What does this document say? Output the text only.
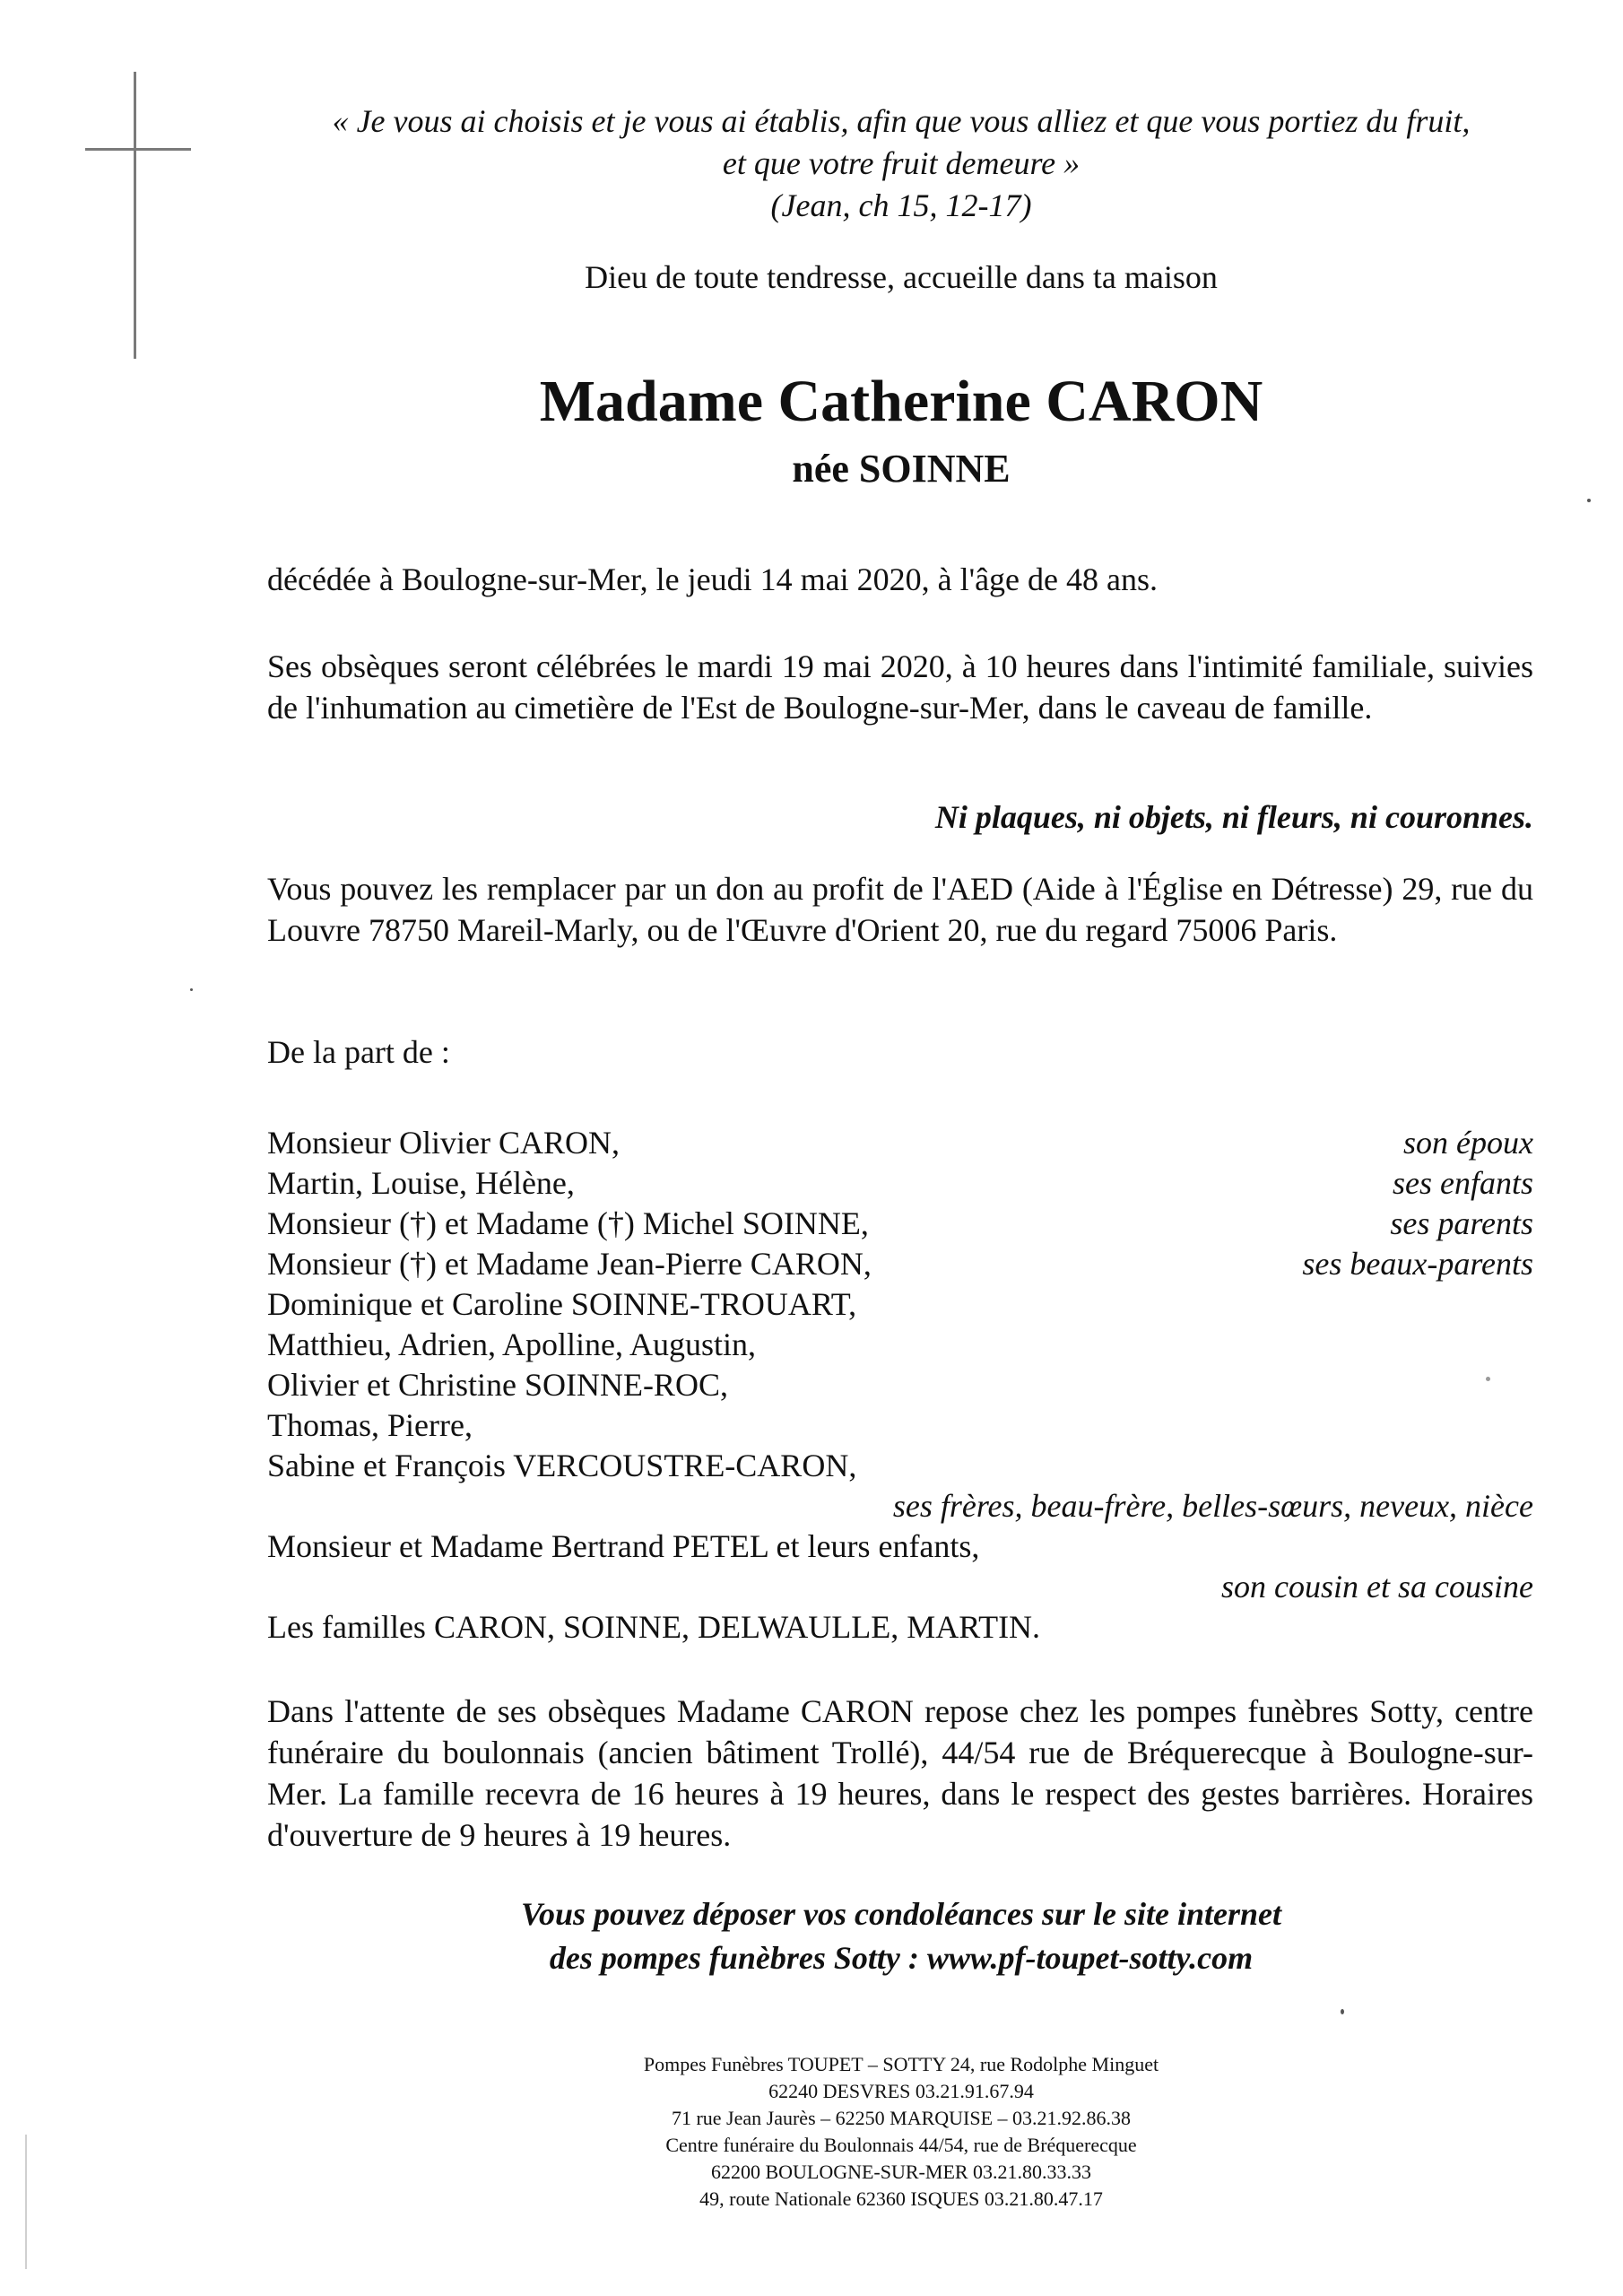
« Je vous ai choisis et je vous ai établis, afin que vous alliez et que vous portiez du fruit,
et que votre fruit demeure »
(Jean, ch 15, 12-17)
Dieu de toute tendresse, accueille dans ta maison
Madame Catherine CARON
née SOINNE
décédée à Boulogne-sur-Mer, le jeudi 14 mai 2020, à l'âge de 48 ans.
Ses obsèques seront célébrées le mardi 19 mai 2020, à 10 heures dans l'intimité familiale, suivies de l'inhumation au cimetière de l'Est de Boulogne-sur-Mer, dans le caveau de famille.
Ni plaques, ni objets, ni fleurs, ni couronnes.
Vous pouvez les remplacer par un don au profit de l'AED (Aide à l'Église en Détresse) 29, rue du Louvre 78750 Mareil-Marly, ou de l'Œuvre d'Orient 20, rue du regard 75006 Paris.
De la part de :
Monsieur Olivier CARON,	son époux
Martin, Louise, Hélène,	ses enfants
Monsieur (†) et Madame (†) Michel SOINNE,	ses parents
Monsieur (†) et Madame Jean-Pierre CARON,	ses beaux-parents
Dominique et Caroline SOINNE-TROUART,
Matthieu, Adrien, Apolline, Augustin,
Olivier et Christine SOINNE-ROC,
Thomas, Pierre,
Sabine et François VERCOUSTRE-CARON,
ses frères, beau-frère, belles-sœurs, neveux, nièce
Monsieur et Madame Bertrand PETEL et leurs enfants,
son cousin et sa cousine
Les familles CARON, SOINNE, DELWAULLE, MARTIN.
Dans l'attente de ses obsèques Madame CARON repose chez les pompes funèbres Sotty, centre funéraire du boulonnais (ancien bâtiment Trollé), 44/54 rue de Bréquerecque à Boulogne-sur-Mer. La famille recevra de 16 heures à 19 heures, dans le respect des gestes barrières. Horaires d'ouverture de 9 heures à 19 heures.
Vous pouvez déposer vos condoléances sur le site internet
des pompes funèbres Sotty : www.pf-toupet-sotty.com
Pompes Funèbres TOUPET – SOTTY 24, rue Rodolphe Minguet
62240 DESVRES 03.21.91.67.94
71 rue Jean Jaurès – 62250 MARQUISE – 03.21.92.86.38
Centre funéraire du Boulonnais 44/54, rue de Bréquerecque
62200 BOULOGNE-SUR-MER 03.21.80.33.33
49, route Nationale 62360 ISQUES 03.21.80.47.17
